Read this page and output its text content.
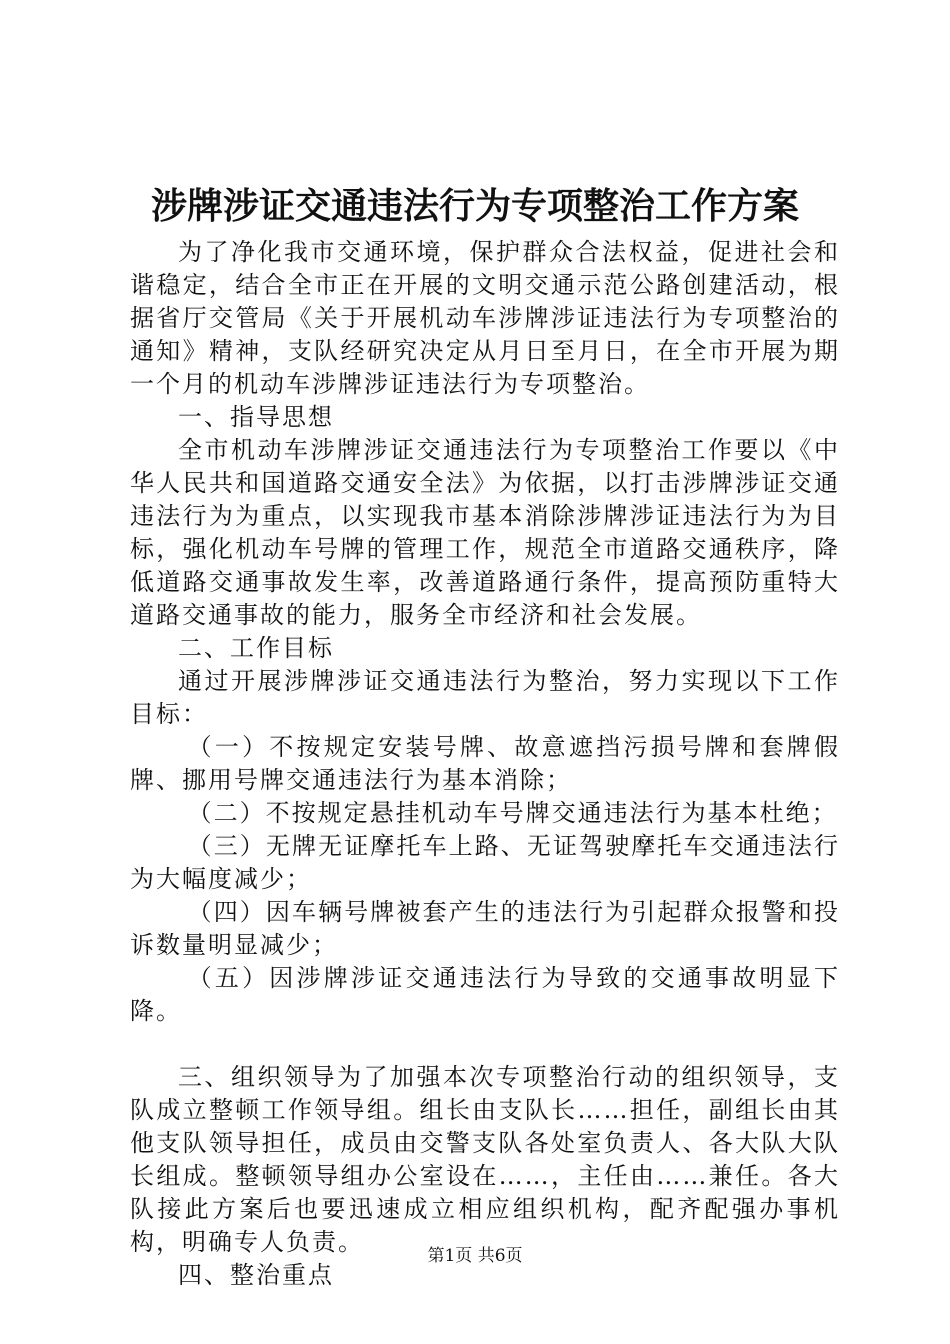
涉牌涉证交通违法行为专项整治工作方案

为了净化我市交通环境，保护群众合法权益，促进社会和谐稳定，结合全市正在开展的文明交通示范公路创建活动，根据省厅交管局《关于开展机动车涉牌涉证违法行为专项整治的通知》精神，支队经研究决定从月日至月日，在全市开展为期一个月的机动车涉牌涉证违法行为专项整治。

一、指导思想

全市机动车涉牌涉证交通违法行为专项整治工作要以《中华人民共和国道路交通安全法》为依据，以打击涉牌涉证交通违法行为为重点，以实现我市基本消除涉牌涉证违法行为为目标，强化机动车号牌的管理工作，规范全市道路交通秩序，降低道路交通事故发生率，改善道路通行条件，提高预防重特大道路交通事故的能力，服务全市经济和社会发展。

二、工作目标

通过开展涉牌涉证交通违法行为整治，努力实现以下工作目标：

（一）不按规定安装号牌、故意遮挡污损号牌和套牌假牌、挪用号牌交通违法行为基本消除；

（二）不按规定悬挂机动车号牌交通违法行为基本杜绝；

（三）无牌无证摩托车上路、无证驾驶摩托车交通违法行为大幅度减少；

（四）因车辆号牌被套产生的违法行为引起群众报警和投诉数量明显减少；

（五）因涉牌涉证交通违法行为导致的交通事故明显下降。

三、组织领导为了加强本次专项整治行动的组织领导，支队成立整顿工作领导组。组长由支队长……担任，副组长由其他支队领导担任，成员由交警支队各处室负责人、各大队大队长组成。整顿领导组办公室设在……，主任由……兼任。各大队接此方案后也要迅速成立相应组织机构，配齐配强办事机构，明确专人负责。

四、整治重点

第1页 共6页
